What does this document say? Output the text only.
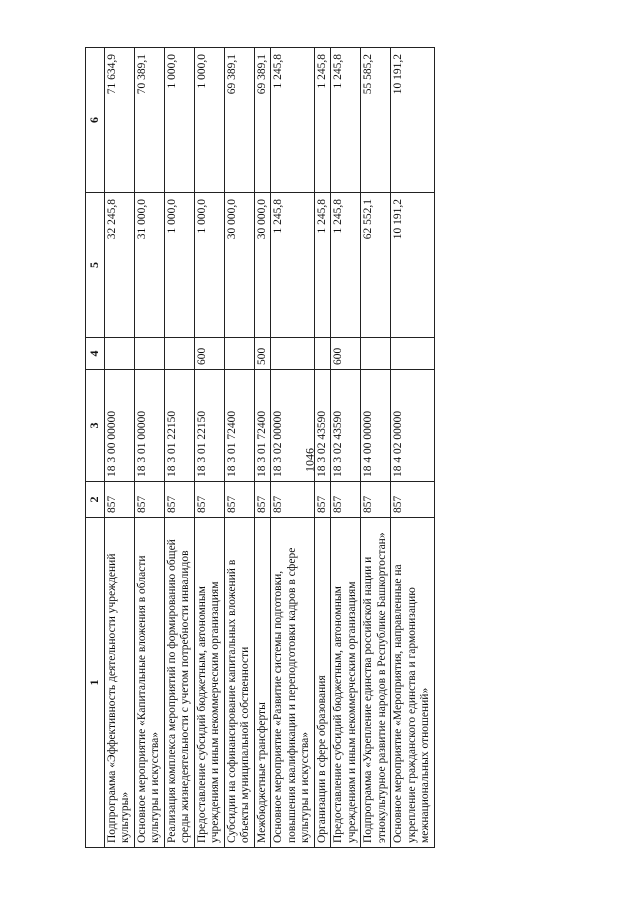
1046
1	2	3	4	5	6
Подпрограмма «Эффективность деятельности учреждений культуры»	857	18 3 00 00000		32 245,8	71 634,9
Основное мероприятие «Капитальные вложения в области культуры и искусства»	857	18 3 01 00000		31 000,0	70 389,1
Реализация комплекса мероприятий по формированию общей среды жизнедеятельности с учетом потребности инвалидов	857	18 3 01 22150		1 000,0	1 000,0
Предоставление субсидий бюджетным, автономным учреждениям и иным некоммерческим организациям	857	18 3 01 22150	600	1 000,0	1 000,0
Субсидии на софинансирование капитальных вложений в объекты муниципальной собственности	857	18 3 01 72400		30 000,0	69 389,1
Межбюджетные трансферты	857	18 3 01 72400	500	30 000,0	69 389,1
Основное мероприятие «Развитие системы подготовки, повышения квалификации и переподготовки кадров в сфере культуры и искусства»	857	18 3 02 00000		1 245,8	1 245,8
Организации в сфере образования	857	18 3 02 43590		1 245,8	1 245,8
Предоставление субсидий бюджетным, автономным учреждениям и иным некоммерческим организациям	857	18 3 02 43590	600	1 245,8	1 245,8
Подпрограмма «Укрепление единства российской нации и этнокультурное развитие народов в Республике Башкортостан»	857	18 4 00 00000		62 552,1	55 585,2
Основное мероприятие «Мероприятия, направленные на укрепление гражданского единства и гармонизацию межнациональных отношений»	857	18 4 02 00000		10 191,2	10 191,2
